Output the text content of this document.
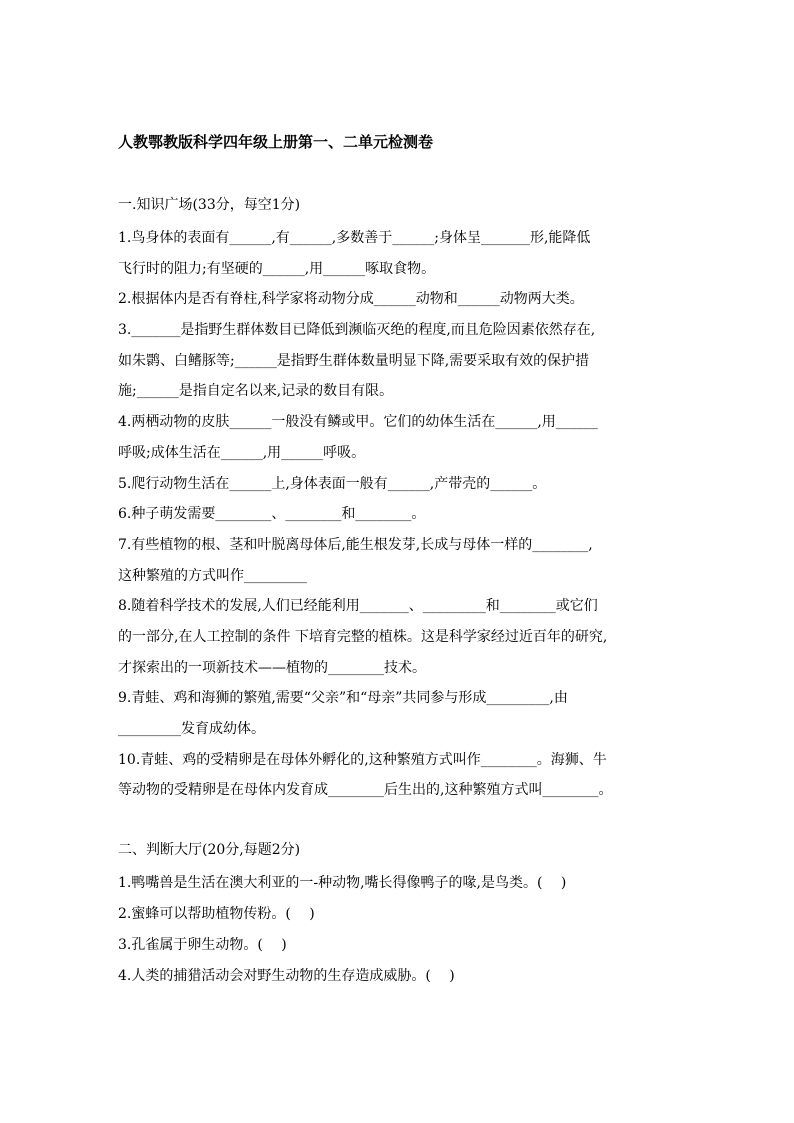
人教鄂教版科学四年级上册第一、二单元检测卷
一.知识广场(33分，每空1分)
1.鸟身体的表面有______,有______,多数善于______;身体呈_______形,能降低
飞行时的阻力;有坚硬的______,用______啄取食物。
2.根据体内是否有脊柱,科学家将动物分成______动物和______动物两大类。
3._______是指野生群体数目已降低到濒临灭绝的程度,而且危险因素依然存在,
如朱鹮、白鳍豚等;______是指野生群体数量明显下降,需要采取有效的保护措
施;______是指自定名以来,记录的数目有限。
4.两栖动物的皮肤______一般没有鳞或甲。它们的幼体生活在______,用______
呼吸;成体生活在______,用______呼吸。
5.爬行动物生活在______上,身体表面一般有______,产带壳的______。
6.种子萌发需要________、________和________。
7.有些植物的根、茎和叶脱离母体后,能生根发芽,长成与母体一样的________,
这种繁殖的方式叫作_________
8.随着科学技术的发展,人们已经能利用_______、_________和________或它们
的一部分,在人工控制的条件 下培育完整的植株。这是科学家经过近百年的研究,
才探索出的一项新技术——植物的________技术。
9.青蛙、鸡和海狮的繁殖,需要“父亲”和“母亲”共同参与形成_________,由
_________发育成幼体。
10.青蛙、鸡的受精卵是在母体外孵化的,这种繁殖方式叫作________。海狮、牛
等动物的受精卵是在母体内发育成________后生出的,这种繁殖方式叫________。
二、判断大厅(20分,每题2分)
1.鸭嘴兽是生活在澳大利亚的一-种动物,嘴长得像鸭子的喙,是鸟类。(　 )
2.蜜蜂可以帮助植物传粉。(　 )
3.孔雀属于卵生动物。(　 )
4.人类的捕猎活动会对野生动物的生存造成威胁。(　 )
